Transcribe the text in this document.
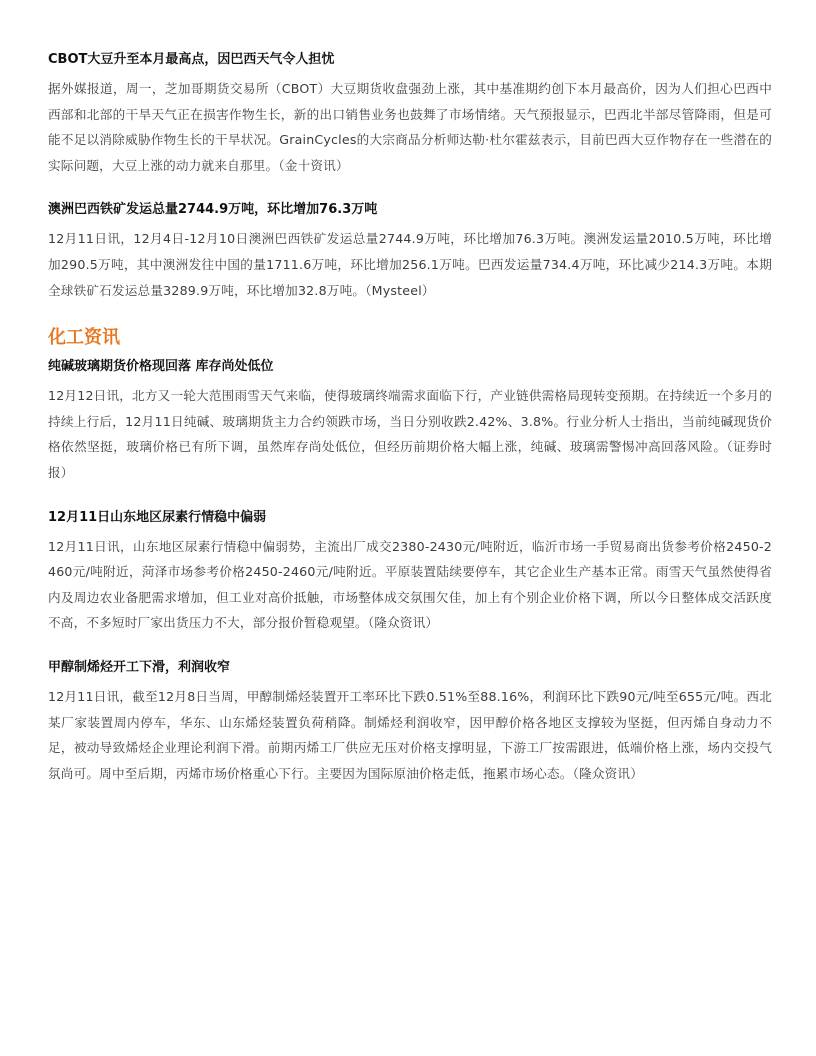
CBOT大豆升至本月最高点，因巴西天气令人担忧

据外媒报道，周一，芝加哥期货交易所（CBOT）大豆期货收盘强劲上涨，其中基准期约创下本月最高价，因为人们担心巴西中西部和北部的干旱天气正在损害作物生长，新的出口销售业务也鼓舞了市场情绪。天气预报显示，巴西北半部尽管降雨，但是可能不足以消除威胁作物生长的干旱状况。GrainCycles的大宗商品分析师达勒·杜尔霍兹表示，目前巴西大豆作物存在一些潜在的实际问题，大豆上涨的动力就来自那里。（金十资讯）

澳洲巴西铁矿发运总量2744.9万吨，环比增加76.3万吨

12月11日讯，12月4日-12月10日澳洲巴西铁矿发运总量2744.9万吨，环比增加76.3万吨。澳洲发运量2010.5万吨，环比增加290.5万吨，其中澳洲发往中国的量1711.6万吨，环比增加256.1万吨。巴西发运量734.4万吨，环比减少214.3万吨。本期全球铁矿石发运总量3289.9万吨，环比增加32.8万吨。（Mysteel）

化工资讯
纯碱玻璃期货价格现回落 库存尚处低位

12月12日讯，北方又一轮大范围雨雪天气来临，使得玻璃终端需求面临下行，产业链供需格局现转变预期。在持续近一个多月的持续上行后，12月11日纯碱、玻璃期货主力合约领跌市场，当日分别收跌2.42%、3.8%。行业分析人士指出，当前纯碱现货价格依然坚挺，玻璃价格已有所下调，虽然库存尚处低位，但经历前期价格大幅上涨，纯碱、玻璃需警惕冲高回落风险。（证券时报）

12月11日山东地区尿素行情稳中偏弱

12月11日讯，山东地区尿素行情稳中偏弱势，主流出厂成交2380-2430元/吨附近，临沂市场一手贸易商出货参考价格2450-2460元/吨附近，菏泽市场参考价格2450-2460元/吨附近。平原装置陆续要停车，其它企业生产基本正常。雨雪天气虽然使得省内及周边农业备肥需求增加，但工业对高价抵触，市场整体成交氛围欠佳，加上有个别企业价格下调，所以今日整体成交活跃度不高，不多短时厂家出货压力不大，部分报价暂稳观望。（隆众资讯）

甲醇制烯烃开工下滑，利润收窄

12月11日讯，截至12月8日当周，甲醇制烯烃装置开工率环比下跌0.51%至88.16%，利润环比下跌90元/吨至655元/吨。西北某厂家装置周内停车，华东、山东烯烃装置负荷稍降。制烯烃利润收窄，因甲醇价格各地区支撑较为坚挺，但丙烯自身动力不足，被动导致烯烃企业理论利润下滑。前期丙烯工厂供应无压对价格支撑明显，下游工厂按需跟进，低端价格上涨，场内交投气氛尚可。周中至后期，丙烯市场价格重心下行。主要因为国际原油价格走低，拖累市场心态。（隆众资讯）
